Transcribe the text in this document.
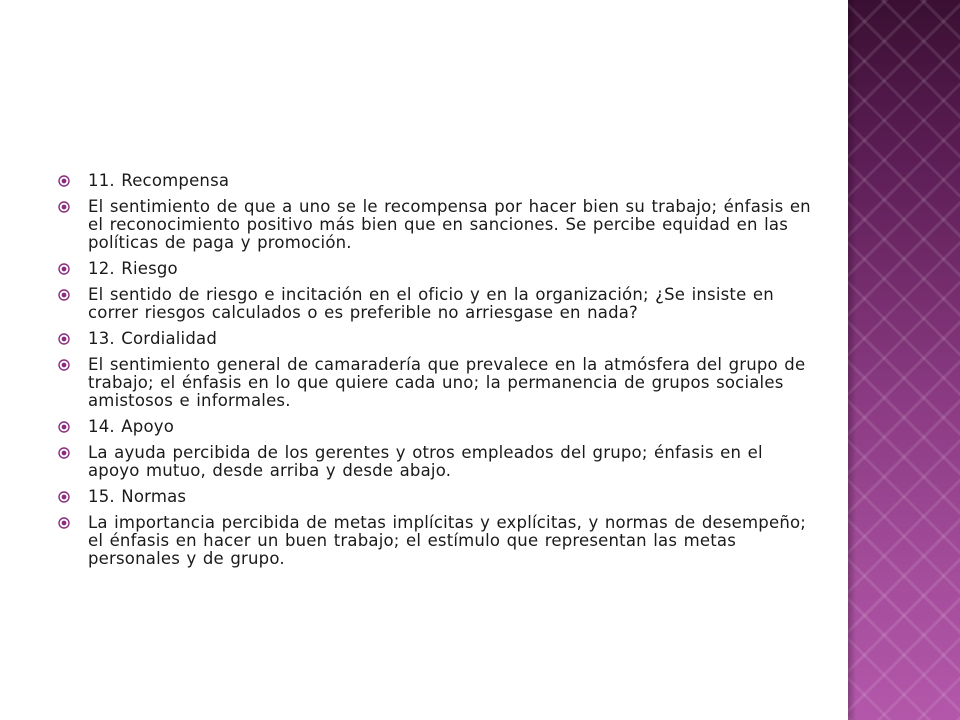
11. Recompensa
El sentimiento de que a uno se le recompensa por hacer bien su trabajo; énfasis en el reconocimiento positivo más bien que en sanciones. Se percibe equidad en las políticas de paga y promoción.
12. Riesgo
El sentido de riesgo e incitación en el oficio y en la organización; ¿Se insiste en correr riesgos calculados o es preferible no arriesgase en nada?
13. Cordialidad
El sentimiento general de camaradería que prevalece en la atmósfera del grupo de trabajo; el énfasis en lo que quiere cada uno; la permanencia de grupos sociales amistosos e informales.
14. Apoyo
La ayuda percibida de los gerentes y otros empleados del grupo; énfasis en el apoyo mutuo, desde arriba y desde abajo.
15. Normas
La importancia percibida de metas implícitas y explícitas, y normas de desempeño; el énfasis en hacer un buen trabajo; el estímulo que representan las metas personales y de grupo.
